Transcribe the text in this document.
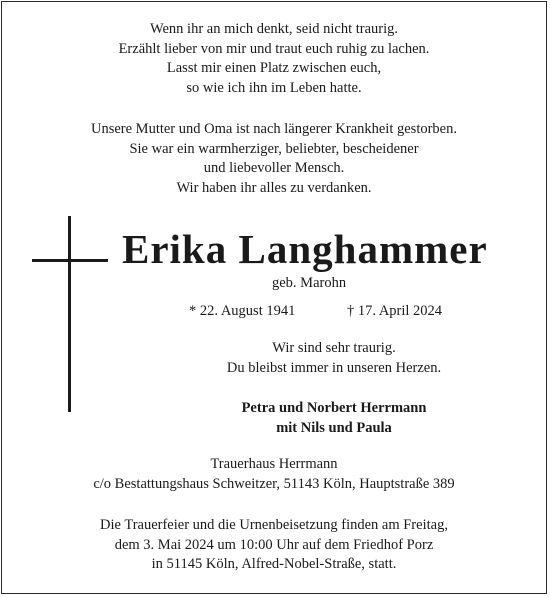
Wenn ihr an mich denkt, seid nicht traurig.
Erzählt lieber von mir und traut euch ruhig zu lachen.
Lasst mir einen Platz zwischen euch,
so wie ich ihn im Leben hatte.
Unsere Mutter und Oma ist nach längerer Krankheit gestorben.
Sie war ein warmherziger, beliebter, bescheidener
und liebevoller Mensch.
Wir haben ihr alles zu verdanken.
Erika Langhammer
geb. Marohn
* 22. August 1941	† 17. April 2024
Wir sind sehr traurig.
Du bleibst immer in unseren Herzen.
Petra und Norbert Herrmann
mit Nils und Paula
Trauerhaus Herrmann
c/o Bestattungshaus Schweitzer, 51143 Köln, Hauptstraße 389
Die Trauerfeier und die Urnenbeisetzung finden am Freitag,
dem 3. Mai 2024 um 10:00 Uhr auf dem Friedhof Porz
in 51145 Köln, Alfred-Nobel-Straße, statt.
